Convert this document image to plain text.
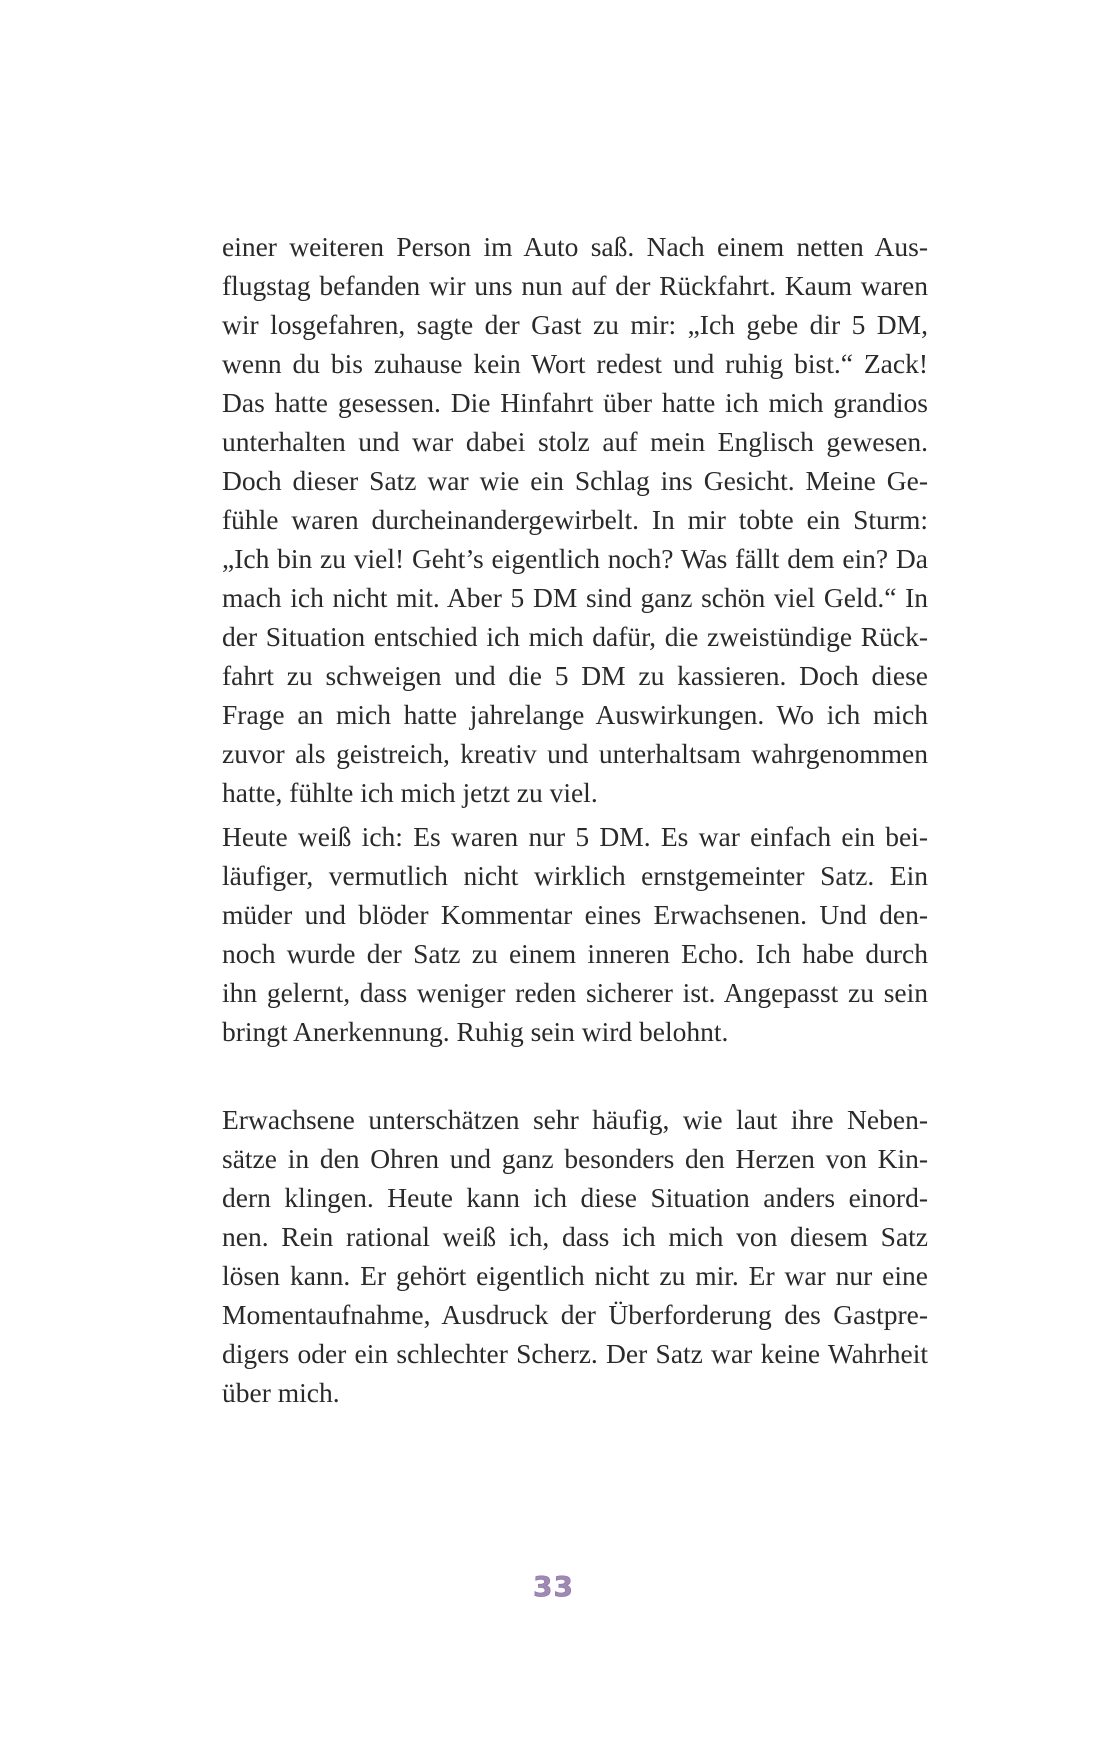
einer weiteren Person im Auto saß. Nach einem netten Aus-
flugstag befanden wir uns nun auf der Rückfahrt. Kaum waren
wir losgefahren, sagte der Gast zu mir: „Ich gebe dir 5 DM,
wenn du bis zuhause kein Wort redest und ruhig bist.“ Zack!
Das hatte gesessen. Die Hinfahrt über hatte ich mich grandios
unterhalten und war dabei stolz auf mein Englisch gewesen.
Doch dieser Satz war wie ein Schlag ins Gesicht. Meine Ge-
fühle waren durcheinandergewirbelt. In mir tobte ein Sturm:
„Ich bin zu viel! Geht’s eigentlich noch? Was fällt dem ein? Da
mach ich nicht mit. Aber 5 DM sind ganz schön viel Geld.“ In
der Situation entschied ich mich dafür, die zweistündige Rück-
fahrt zu schweigen und die 5 DM zu kassieren. Doch diese
Frage an mich hatte jahrelange Auswirkungen. Wo ich mich
zuvor als geistreich, kreativ und unterhaltsam wahrgenommen
hatte, fühlte ich mich jetzt zu viel.
Heute weiß ich: Es waren nur 5 DM. Es war einfach ein bei-
läufiger, vermutlich nicht wirklich ernstgemeinter Satz. Ein
müder und blöder Kommentar eines Erwachsenen. Und den-
noch wurde der Satz zu einem inneren Echo. Ich habe durch
ihn gelernt, dass weniger reden sicherer ist. Angepasst zu sein
bringt Anerkennung. Ruhig sein wird belohnt.
Erwachsene unterschätzen sehr häufig, wie laut ihre Neben-
sätze in den Ohren und ganz besonders den Herzen von Kin-
dern klingen. Heute kann ich diese Situation anders einord-
nen. Rein rational weiß ich, dass ich mich von diesem Satz
lösen kann. Er gehört eigentlich nicht zu mir. Er war nur eine
Momentaufnahme, Ausdruck der Überforderung des Gastpre-
digers oder ein schlechter Scherz. Der Satz war keine Wahrheit
über mich.
33
